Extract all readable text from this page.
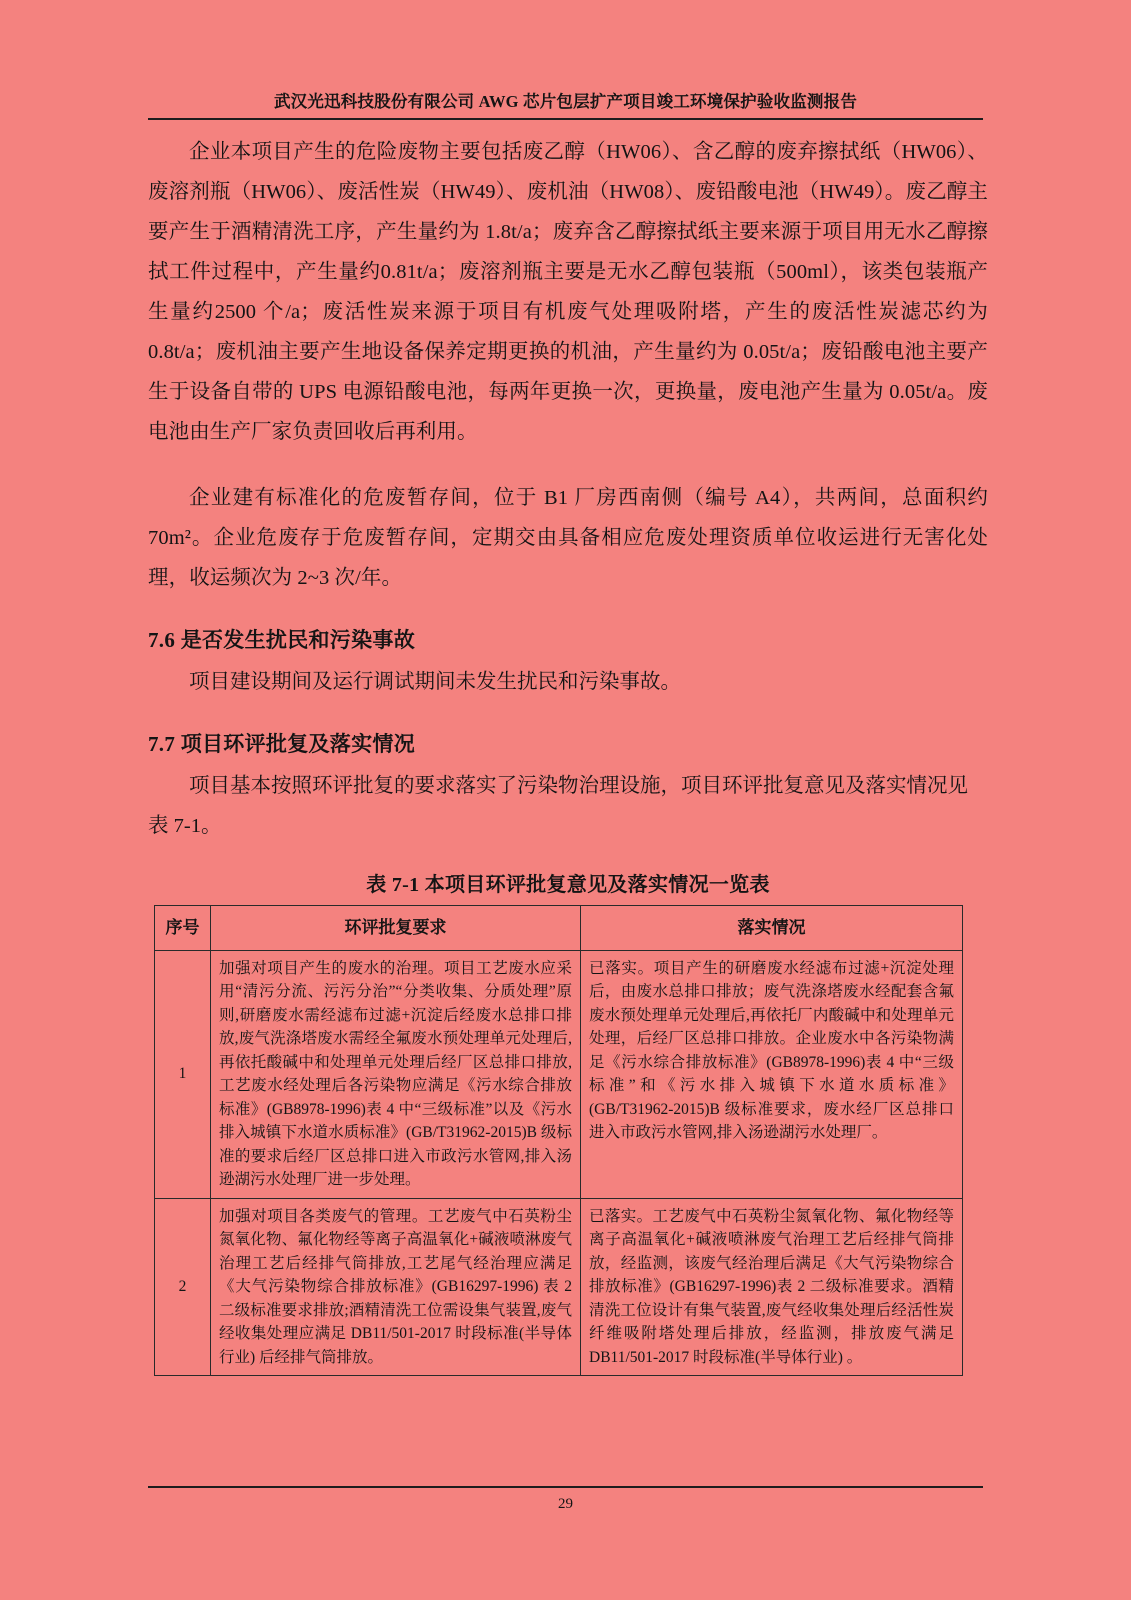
武汉光迅科技股份有限公司 AWG 芯片包层扩产项目竣工环境保护验收监测报告

企业本项目产生的危险废物主要包括废乙醇（HW06）、含乙醇的废弃擦拭纸（HW06）、废溶剂瓶（HW06）、废活性炭（HW49）、废机油（HW08）、废铅酸电池（HW49）。废乙醇主要产生于酒精清洗工序，产生量约为 1.8t/a；废弃含乙醇擦拭纸主要来源于项目用无水乙醇擦拭工件过程中，产生量约0.81t/a；废溶剂瓶主要是无水乙醇包装瓶（500ml），该类包装瓶产生量约2500 个/a；废活性炭来源于项目有机废气处理吸附塔，产生的废活性炭滤芯约为 0.8t/a；废机油主要产生地设备保养定期更换的机油，产生量约为 0.05t/a；废铅酸电池主要产生于设备自带的 UPS 电源铅酸电池，每两年更换一次，更换量，废电池产生量为 0.05t/a。废电池由生产厂家负责回收后再利用。

企业建有标准化的危废暂存间，位于 B1 厂房西南侧（编号 A4），共两间，总面积约70m²。企业危废存于危废暂存间，定期交由具备相应危废处理资质单位收运进行无害化处理，收运频次为 2~3 次/年。

7.6 是否发生扰民和污染事故

项目建设期间及运行调试期间未发生扰民和污染事故。

7.7 项目环评批复及落实情况

项目基本按照环评批复的要求落实了污染物治理设施，项目环评批复意见及落实情况见表 7-1。

表 7-1 本项目环评批复意见及落实情况一览表
序号	环评批复要求	落实情况
1	加强对项目产生的废水的治理。项目工艺废水应采用“清污分流、污污分治”“分类收集、分质处理”原则,研磨废水需经滤布过滤+沉淀后经废水总排口排放,废气洗涤塔废水需经全氟废水预处理单元处理后,再依托酸碱中和处理单元处理后经厂区总排口排放,工艺废水经处理后各污染物应满足《污水综合排放标准》(GB8978-1996)表 4 中“三级标准”以及《污水排入城镇下水道水质标准》(GB/T31962-2015)B 级标准的要求后经厂区总排口进入市政污水管网,排入汤逊湖污水处理厂进一步处理。	已落实。项目产生的研磨废水经滤布过滤+沉淀处理后，由废水总排口排放；废气洗涤塔废水经配套含氟废水预处理单元处理后,再依托厂内酸碱中和处理单元处理，后经厂区总排口排放。企业废水中各污染物满足《污水综合排放标准》(GB8978-1996)表 4 中“三级标准”和《污水排入城镇下水道水质标准》(GB/T31962-2015)B 级标准要求，废水经厂区总排口进入市政污水管网,排入汤逊湖污水处理厂。
2	加强对项目各类废气的管理。工艺废气中石英粉尘氮氧化物、氟化物经等离子高温氧化+碱液喷淋废气治理工艺后经排气筒排放,工艺尾气经治理应满足《大气污染物综合排放标准》(GB16297-1996) 表 2 二级标准要求排放;酒精清洗工位需设集气装置,废气经收集处理应满足 DB11/501-2017 时段标准(半导体行业) 后经排气筒排放。	已落实。工艺废气中石英粉尘氮氧化物、氟化物经等离子高温氧化+碱液喷淋废气治理工艺后经排气筒排放，经监测，该废气经治理后满足《大气污染物综合排放标准》(GB16297-1996)表 2 二级标准要求。酒精清洗工位设计有集气装置,废气经收集处理后经活性炭纤维吸附塔处理后排放，经监测，排放废气满足 DB11/501-2017 时段标准(半导体行业) 。
29
